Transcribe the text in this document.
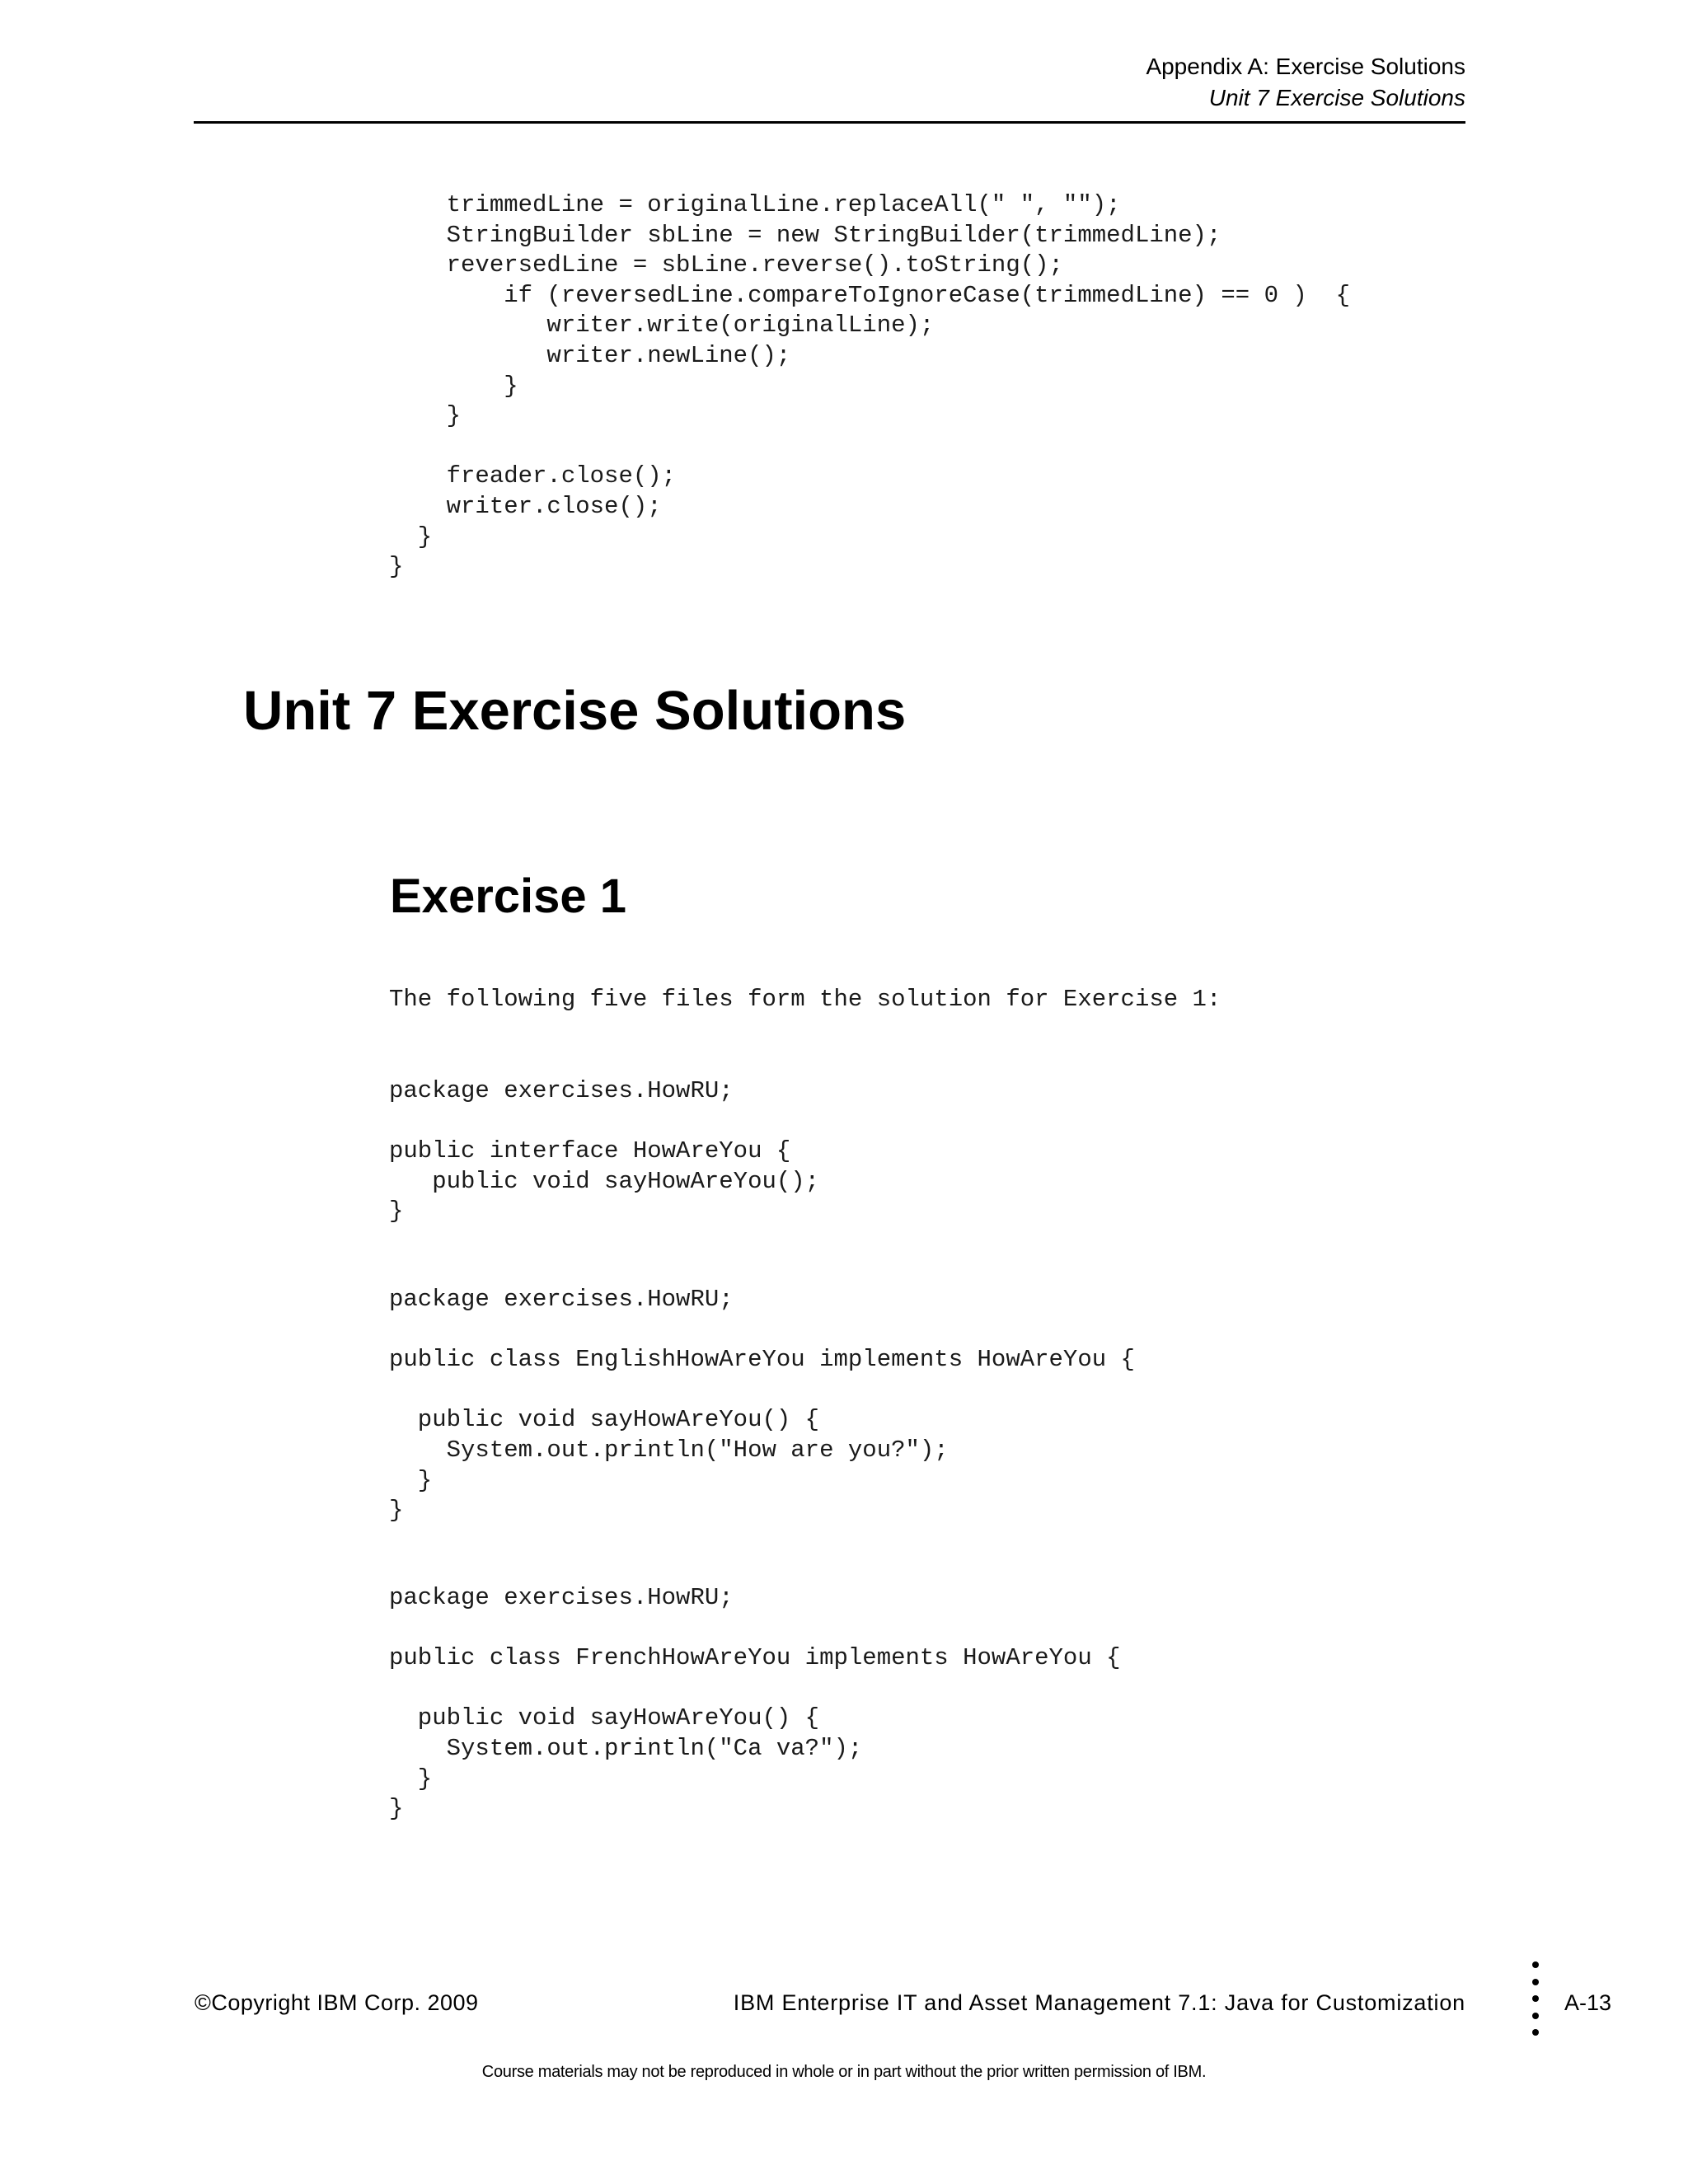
Appendix A: Exercise Solutions
Unit 7 Exercise Solutions
trimmedLine = originalLine.replaceAll(" ", "");
StringBuilder sbLine = new StringBuilder(trimmedLine);
reversedLine = sbLine.reverse().toString();
if (reversedLine.compareToIgnoreCase(trimmedLine) == 0 )  {
writer.write(originalLine);
writer.newLine();
}
}

freader.close();
writer.close();
}
}
Unit 7 Exercise Solutions
Exercise 1

The following five files form the solution for Exercise 1:

package exercises.HowRU;

public interface HowAreYou {
public void sayHowAreYou();
}
package exercises.HowRU;

public class EnglishHowAreYou implements HowAreYou {

public void sayHowAreYou() {
System.out.println("How are you?");
}
}
package exercises.HowRU;

public class FrenchHowAreYou implements HowAreYou {

public void sayHowAreYou() {
System.out.println("Ca va?");
}
}
©Copyright IBM Corp. 2009	IBM Enterprise IT and Asset Management 7.1: Java for Customization	A-13
Course materials may not be reproduced in whole or in part without the prior written permission of IBM.
